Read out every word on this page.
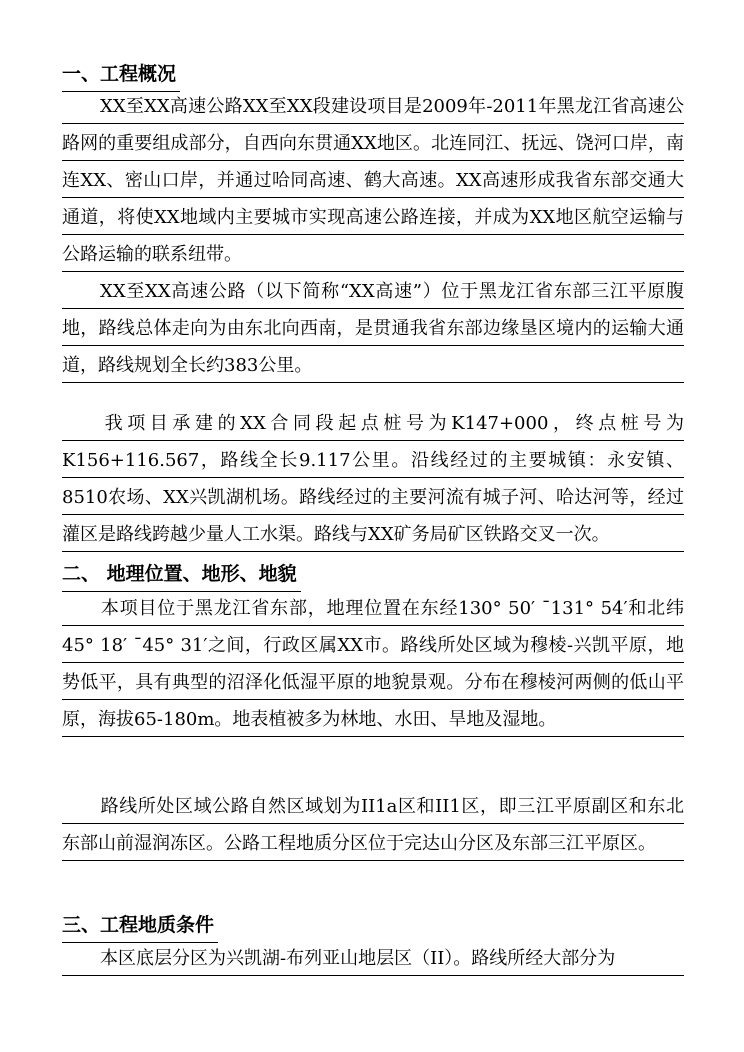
一、工程概况
XX至XX高速公路XX至XX段建设项目是2009年-2011年黑龙江省高速公路网的重要组成部分，自西向东贯通XX地区。北连同江、抚远、饶河口岸，南连XX、密山口岸，并通过哈同高速、鹤大高速。XX高速形成我省东部交通大通道，将使XX地域内主要城市实现高速公路连接，并成为XX地区航空运输与公路运输的联系纽带。
XX至XX高速公路（以下简称“XX高速”）位于黑龙江省东部三江平原腹地，路线总体走向为由东北向西南，是贯通我省东部边缘垦区境内的运输大通道，路线规划全长约383公里。
我项目承建的XX合同段起点桩号为K147+000，终点桩号为K156+116.567，路线全长9.117公里。沿线经过的主要城镇：永安镇、8510农场、XX兴凯湖机场。路线经过的主要河流有城子河、哈达河等，经过灌区是路线跨越少量人工水渠。路线与XX矿务局矿区铁路交叉一次。
二、 地理位置、地形、地貌
本项目位于黑龙江省东部，地理位置在东经130° 50′ ¯131° 54′和北纬45° 18′ ¯45° 31′之间，行政区属XX市。路线所处区域为穆棱-兴凯平原，地势低平，具有典型的沼泽化低湿平原的地貌景观。分布在穆棱河两侧的低山平原，海拔65-180m。地表植被多为林地、水田、旱地及湿地。
路线所处区域公路自然区域划为II1a区和II1区，即三江平原副区和东北东部山前湿润冻区。公路工程地质分区位于完达山分区及东部三江平原区。
三、工程地质条件
本区底层分区为兴凯湖-布列亚山地层区（II）。路线所经大部分为
